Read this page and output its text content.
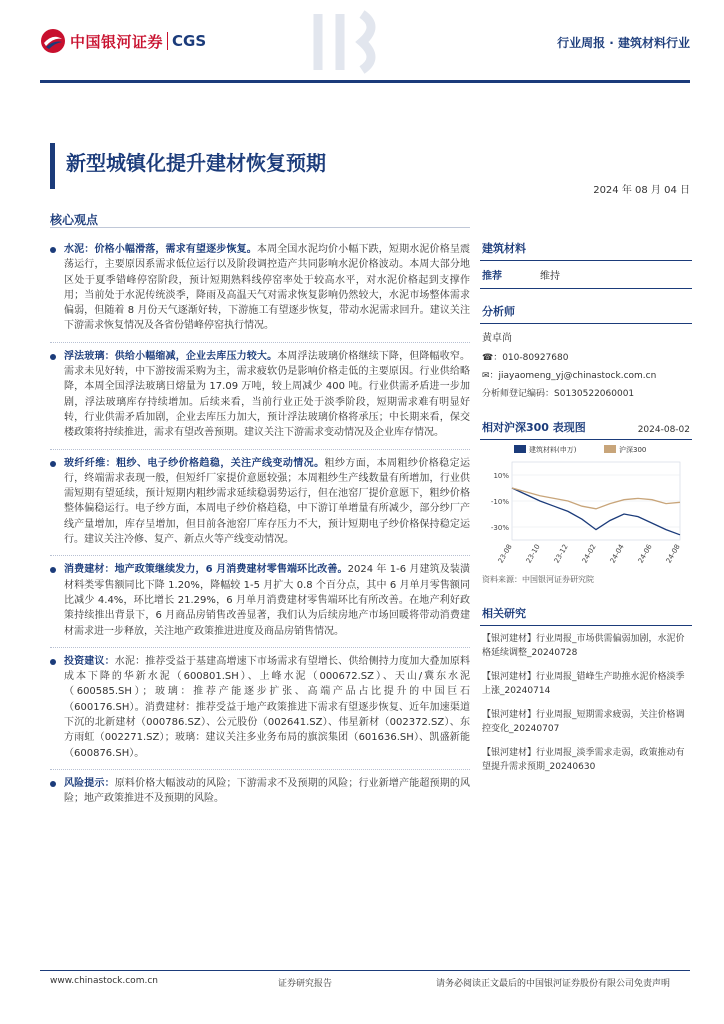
中国银河证券 CGS	行业周报 · 建筑材料行业
新型城镇化提升建材恢复预期
2024 年 08 月 04 日
核心观点
水泥：价格小幅滑落，需求有望逐步恢复。本周全国水泥均价小幅下跌，短期水泥价格呈震荡运行，主要原因系需求低位运行以及阶段调控造产共同影响水泥价格波动。本周大部分地区处于夏季错峰停窑阶段，预计短期熟料线停窑率处于较高水平，对水泥价格起到支撑作用；当前处于水泥传统淡季，降雨及高温天气对需求恢复影响仍然较大，水泥市场整体需求偏弱，但随着 8 月份天气逐渐好转，下游施工有望逐步恢复，带动水泥需求回升。建议关注下游需求恢复情况及各省份错峰停窑执行情况。
浮法玻璃：供给小幅缩减，企业去库压力较大。本周浮法玻璃价格继续下降，但降幅收窄。需求未见好转，中下游按需采购为主，需求疲软仍是影响价格走低的主要原因。行业供给略降，本周全国浮法玻璃日熔量为 17.09 万吨，较上周减少 400 吨。行业供需矛盾进一步加剧，浮法玻璃库存持续增加。后续来看，当前行业正处于淡季阶段，短期需求难有明显好转，行业供需矛盾加剧，企业去库压力加大，预计浮法玻璃价格将承压；中长期来看，保交楼政策将持续推进，需求有望改善预期。建议关注下游需求变动情况及企业库存情况。
玻纤纤维：粗纱、电子纱价格趋稳，关注产线变动情况。粗纱方面，本周粗纱价格稳定运行，终端需求表现一般，但短纤厂家提价意愿较强；本周粗纱生产线数量有所增加，行业供需短期有望延续，预计短期内粗纱需求延续稳弱势运行，但在池窑厂提价意愿下，粗纱价格整体偏稳运行。电子纱方面，本周电子纱价格趋稳，中下游订单增量有所减少，部分纱厂产线产量增加，库存呈增加，但目前各池窑厂库存压力不大，预计短期电子纱价格保持稳定运行。建议关注冷修、复产、新点火等产线变动情况。
消费建材：地产政策继续发力，6 月消费建材零售端环比改善。2024 年 1-6 月建筑及装潢材料类零售额同比下降 1.20%，降幅较 1-5 月扩大 0.8 个百分点，其中 6 月单月零售额同比减少 4.4%，环比增长 21.29%，6 月单月消费建材零售端环比有所改善。在地产利好政策持续推出背景下，6 月商品房销售改善显著，我们认为后续房地产市场回暖将带动消费建材需求进一步释放，关注地产政策推进进度及商品房销售情况。
投资建议：水泥：推荐受益于基建高增速下市场需求有望增长、供给侧持力度加大叠加原料成本下降的华新水泥（600801.SH）、上峰水泥（000672.SZ）、天山/冀东水泥（600585.SH）；玻璃：推荐产能逐步扩张、高端产品占比提升的中国巨石（600176.SH）。消费建材：推荐受益于地产政策推进下需求有望逐步恢复、近年加速渠道下沉的北新建材（000786.SZ）、公元股份（002641.SZ）、伟星新材（002372.SZ）、东方雨虹（002271.SZ）；玻璃：建议关注多业务布局的旗滨集团（601636.SH）、凯盛新能（600876.SH）。
风险提示：原料价格大幅波动的风险；下游需求不及预期的风险；行业新增产能超预期的风险；地产政策推进不及预期的风险。
建筑材料
推荐	维持
分析师
黄卓尚
☎：010-80927680
✉：jiayaomeng_yj@chinastock.com.cn
分析师登记编码：S0130522060001
相对沪深300 表现图	2024-08-02
10%
-10%
-30%
23-08 23-10 23-12 24-02 24-04 24-06 24-08
建筑材料(申万)	沪深300
资料来源：中国银河证券研究院
相关研究
【银河建材】行业周报_市场供需偏弱加剧，水泥价格延续调整_20240728
【银河建材】行业周报_错峰生产助推水泥价格淡季上涨_20240714
【银河建材】行业周报_短期需求疲弱，关注价格调控变化_20240707
【银河建材】行业周报_淡季需求走弱，政策推动有望提升需求预期_20240630
www.chinastock.com.cn	证券研究报告	请务必阅读正文最后的中国银河证券股份有限公司免责声明
